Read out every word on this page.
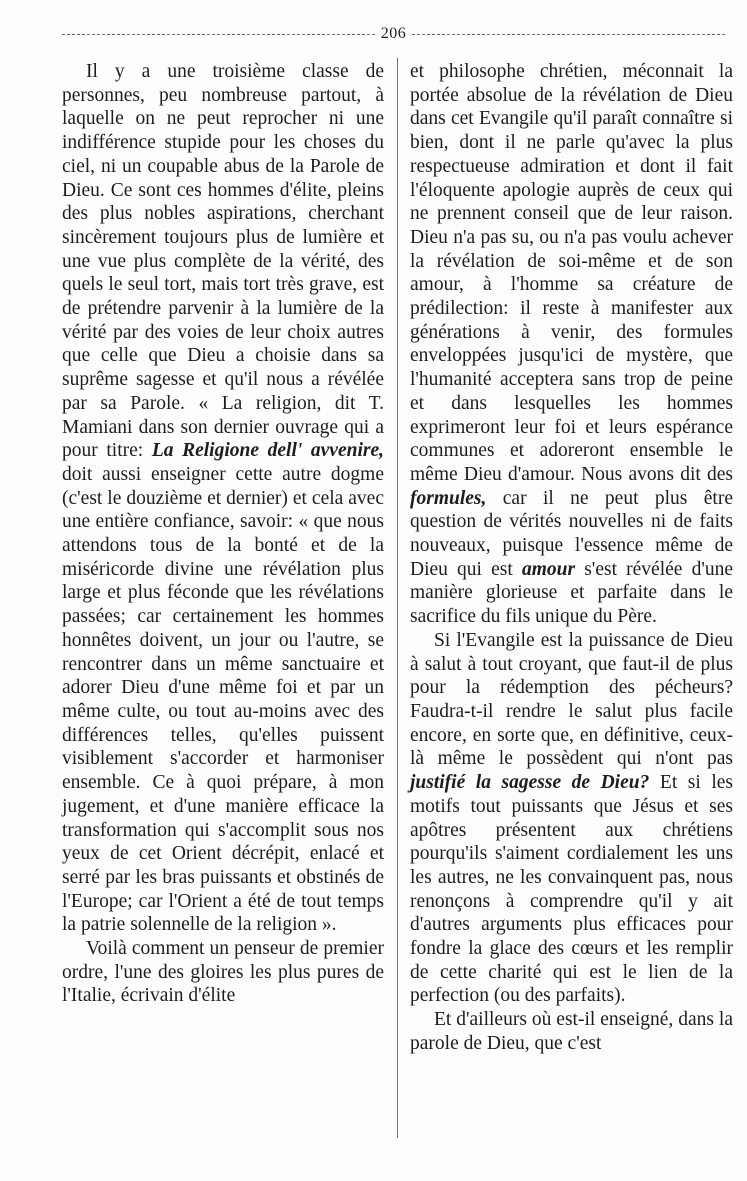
206

Il y a une troisième classe de personnes, peu nombreuse partout, à laquelle on ne peut reprocher ni une indifférence stupide pour les choses du ciel, ni un coupable abus de la Parole de Dieu. Ce sont ces hommes d'élite, pleins des plus nobles aspirations, cherchant sincèrement toujours plus de lumière et une vue plus complète de la vérité, des quels le seul tort, mais tort très grave, est de prétendre parvenir à la lumière de la vérité par des voies de leur choix autres que celle que Dieu a choisie dans sa suprême sagesse et qu'il nous a révélée par sa Parole. « La religion, dit T. Mamiani dans son dernier ouvrage qui a pour titre: La Religione dell' avvenire, doit aussi enseigner cette autre dogme (c'est le douzième et dernier) et cela avec une entière confiance, savoir: « que nous attendons tous de la bonté et de la miséricorde divine une révélation plus large et plus féconde que les révélations passées; car certainement les hommes honnêtes doivent, un jour ou l'autre, se rencontrer dans un même sanctuaire et adorer Dieu d'une même foi et par un même culte, ou tout au-moins avec des différences telles, qu'elles puissent visiblement s'accorder et harmoniser ensemble. Ce à quoi prépare, à mon jugement, et d'une manière efficace la transformation qui s'accomplit sous nos yeux de cet Orient décrépit, enlacé et serré par les bras puissants et obstinés de l'Europe; car l'Orient a été de tout temps la patrie solennelle de la religion ».

Voilà comment un penseur de premier ordre, l'une des gloires les plus pures de l'Italie, écrivain d'élite

et philosophe chrétien, méconnait la portée absolue de la révélation de Dieu dans cet Evangile qu'il paraît connaître si bien, dont il ne parle qu'avec la plus respectueuse admiration et dont il fait l'éloquente apologie auprès de ceux qui ne prennent conseil que de leur raison. Dieu n'a pas su, ou n'a pas voulu achever la révélation de soi-même et de son amour, à l'homme sa créature de prédilection: il reste à manifester aux générations à venir, des formules enveloppées jusqu'ici de mystère, que l'humanité acceptera sans trop de peine et dans lesquelles les hommes exprimeront leur foi et leurs espérance communes et adoreront ensemble le même Dieu d'amour. Nous avons dit des formules, car il ne peut plus être question de vérités nouvelles ni de faits nouveaux, puisque l'essence même de Dieu qui est amour s'est révélée d'une manière glorieuse et parfaite dans le sacrifice du fils unique du Père.

Si l'Evangile est la puissance de Dieu à salut à tout croyant, que faut-il de plus pour la rédemption des pécheurs? Faudra-t-il rendre le salut plus facile encore, en sorte que, en définitive, ceux-là même le possèdent qui n'ont pas justifié la sagesse de Dieu? Et si les motifs tout puissants que Jésus et ses apôtres présentent aux chrétiens pourqu'ils s'aiment cordialement les uns les autres, ne les convainquent pas, nous renonçons à comprendre qu'il y ait d'autres arguments plus efficaces pour fondre la glace des cœurs et les remplir de cette charité qui est le lien de la perfection (ou des parfaits).

Et d'ailleurs où est-il enseigné, dans la parole de Dieu, que c'est
